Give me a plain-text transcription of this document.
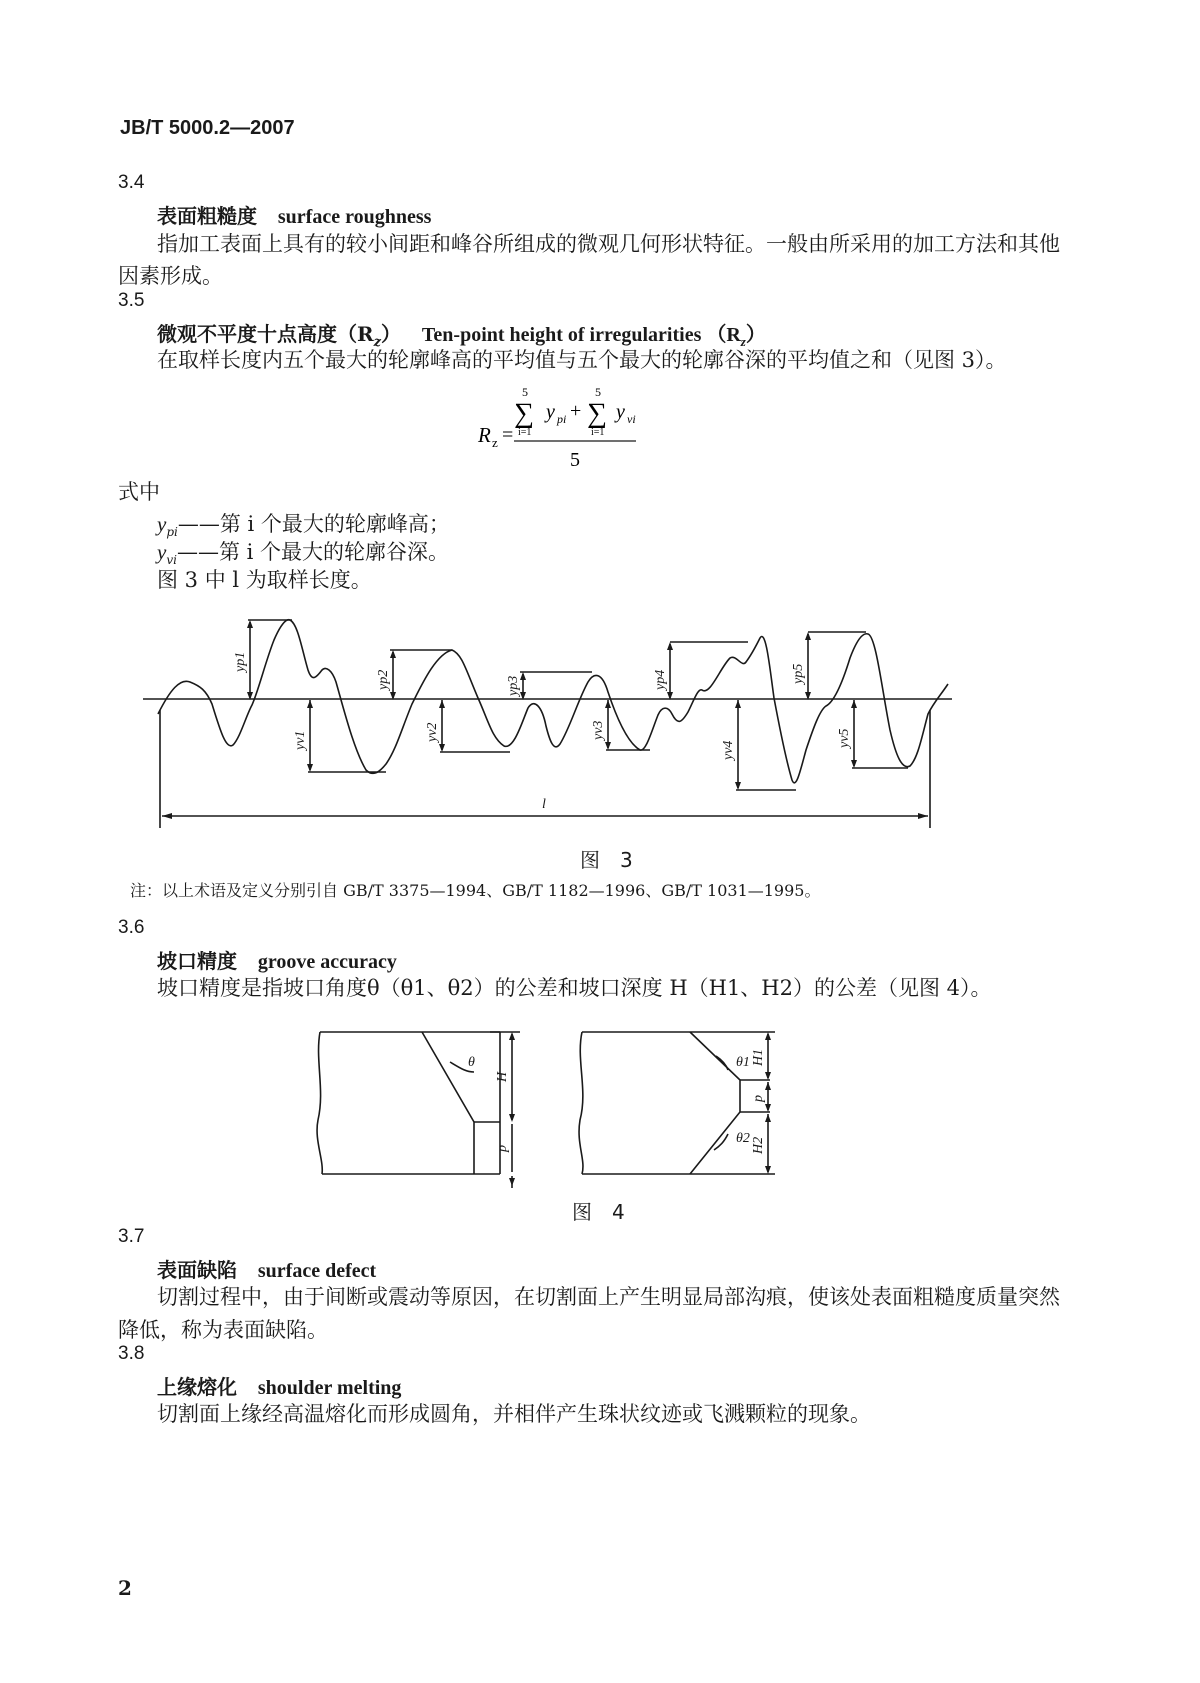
JB/T 5000.2—2007
3.4
表面粗糙度 surface roughness
指加工表面上具有的较小间距和峰谷所组成的微观几何形状特征。一般由所采用的加工方法和其他
因素形成。
3.5
微观不平度十点高度$(R_z)$ Ten-point height of irregularities $(R_z)$
在取样长度内五个最大的轮廓峰高的平均值与五个最大的轮廓谷深的平均值之和（见图 3）。
R z =
5
∑
i=1
y pi +
5
∑
i=1
y vi
5
式中
$y_{pi}——$第 i 个最大的轮廓峰高；
$y_{vi}——$第 i 个最大的轮廓谷深。
图 3 中 l 为取样长度。
yp1
yp2	yp3	yp4	yp5
yv1	yv2	yv3
yv4
yv5
l
图　3
注：以上术语及定义分别引自 GB/T 3375—1994、GB/T 1182—1996、GB/T 1031—1995。
3.6
坡口精度 groove accuracy
坡口精度是指坡口角度θ（θ1、θ2）的公差和坡口深度 H（H1、H2）的公差（见图 4）。
θ
H
p
θ1
θ2
H1
p
H2
图　4
3.7
表面缺陷 surface defect
切割过程中，由于间断或震动等原因，在切割面上产生明显局部沟痕，使该处表面粗糙度质量突然
降低，称为表面缺陷。
3.8
上缘熔化 shoulder melting
切割面上缘经高温熔化而形成圆角，并相伴产生珠状纹迹或飞溅颗粒的现象。
2
